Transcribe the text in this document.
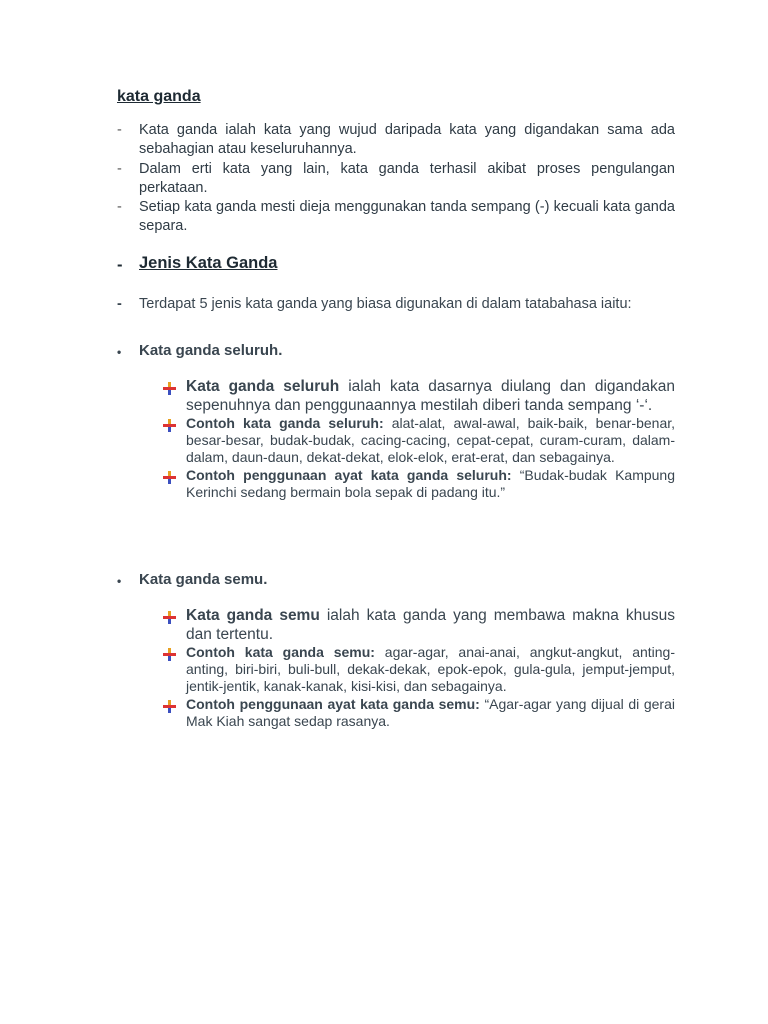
kata ganda
- Kata ganda ialah kata yang wujud daripada kata yang digandakan sama ada sebahagian atau keseluruhannya.
- Dalam erti kata yang lain, kata ganda terhasil akibat proses pengulangan perkataan.
- Setiap kata ganda mesti dieja menggunakan tanda sempang (-) kecuali kata ganda separa.
- Jenis Kata Ganda
- Terdapat 5 jenis kata ganda yang biasa digunakan di dalam tatabahasa iaitu:
• Kata ganda seluruh.
Kata ganda seluruh ialah kata dasarnya diulang dan digandakan sepenuhnya dan penggunaannya mestilah diberi tanda sempang ‘-‘.
Contoh kata ganda seluruh: alat-alat, awal-awal, baik-baik, benar-benar, besar-besar, budak-budak, cacing-cacing, cepat-cepat, curam-curam, dalam-dalam, daun-daun, dekat-dekat, elok-elok, erat-erat, dan sebagainya.
Contoh penggunaan ayat kata ganda seluruh: “Budak-budak Kampung Kerinchi sedang bermain bola sepak di padang itu.”
• Kata ganda semu.
Kata ganda semu ialah kata ganda yang membawa makna khusus dan tertentu.
Contoh kata ganda semu: agar-agar, anai-anai, angkut-angkut, anting-anting, biri-biri, buli-bull, dekak-dekak, epok-epok, gula-gula, jemput-jemput, jentik-jentik, kanak-kanak, kisi-kisi, dan sebagainya.
Contoh penggunaan ayat kata ganda semu: “Agar-agar yang dijual di gerai Mak Kiah sangat sedap rasanya.
